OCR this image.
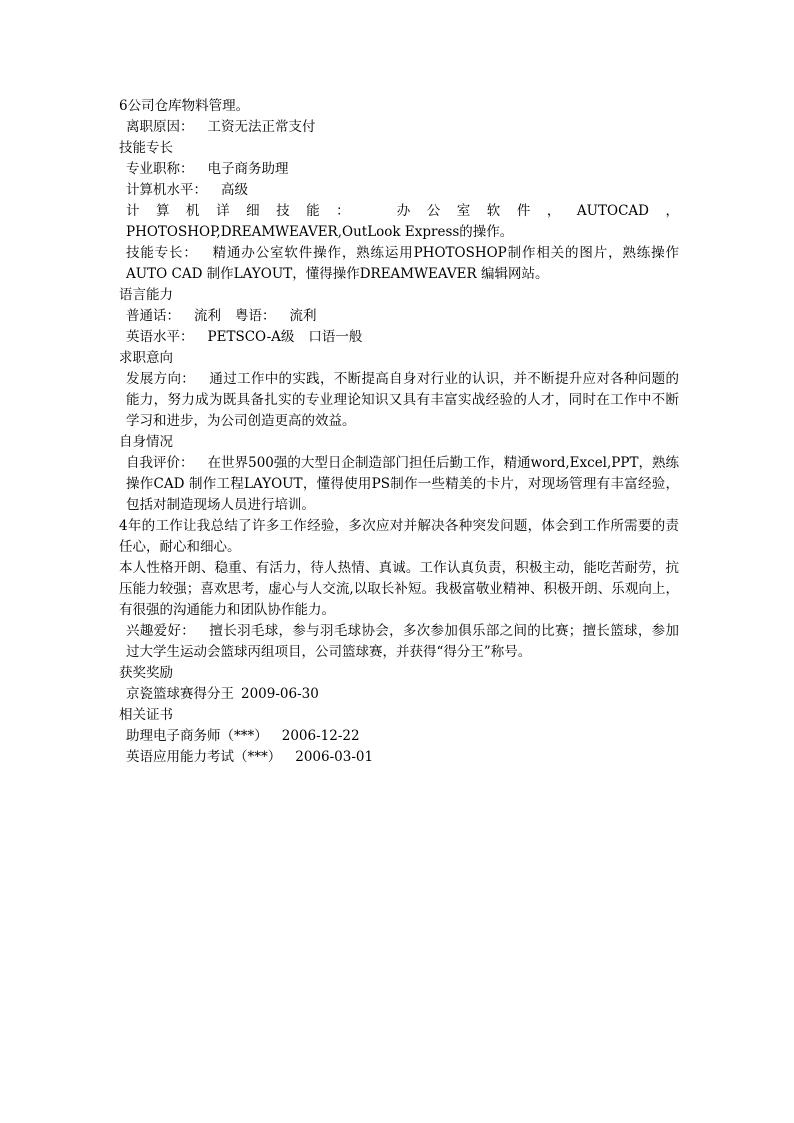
6公司仓库物料管理。

离职原因： 工资无法正常支付

技能专长

专业职称： 电子商务助理

计算机水平： 高级

计算机详细技能： 办公室软件，AUTOCAD，PHOTOSHOP,DREAMWEAVER,OutLook Express的操作。

技能专长： 精通办公室软件操作，熟练运用PHOTOSHOP制作相关的图片，熟练操作AUTO CAD 制作LAYOUT，懂得操作DREAMWEAVER 编辑网站。

语言能力

普通话： 流利 粤语： 流利

英语水平： PETSCO-A级 口语一般

求职意向

发展方向： 通过工作中的实践，不断提高自身对行业的认识，并不断提升应对各种问题的能力，努力成为既具备扎实的专业理论知识又具有丰富实战经验的人才，同时在工作中不断学习和进步，为公司创造更高的效益。

自身情况

自我评价： 在世界500强的大型日企制造部门担任后勤工作，精通word,Excel,PPT，熟练操作CAD 制作工程LAYOUT，懂得使用PS制作一些精美的卡片，对现场管理有丰富经验，包括对制造现场人员进行培训。

4年的工作让我总结了许多工作经验，多次应对并解决各种突发问题，体会到工作所需要的责任心，耐心和细心。

本人性格开朗、稳重、有活力，待人热情、真诚。工作认真负责，积极主动，能吃苦耐劳，抗压能力较强；喜欢思考，虚心与人交流,以取长补短。我极富敬业精神、积极开朗、乐观向上，有很强的沟通能力和团队协作能力。

兴趣爱好： 擅长羽毛球，参与羽毛球协会，多次参加俱乐部之间的比赛；擅长篮球，参加过大学生运动会篮球丙组项目，公司篮球赛，并获得“得分王”称号。

获奖奖励

京瓷篮球赛得分王 2009-06-30

相关证书

助理电子商务师（***） 2006-12-22

英语应用能力考试（***） 2006-03-01
